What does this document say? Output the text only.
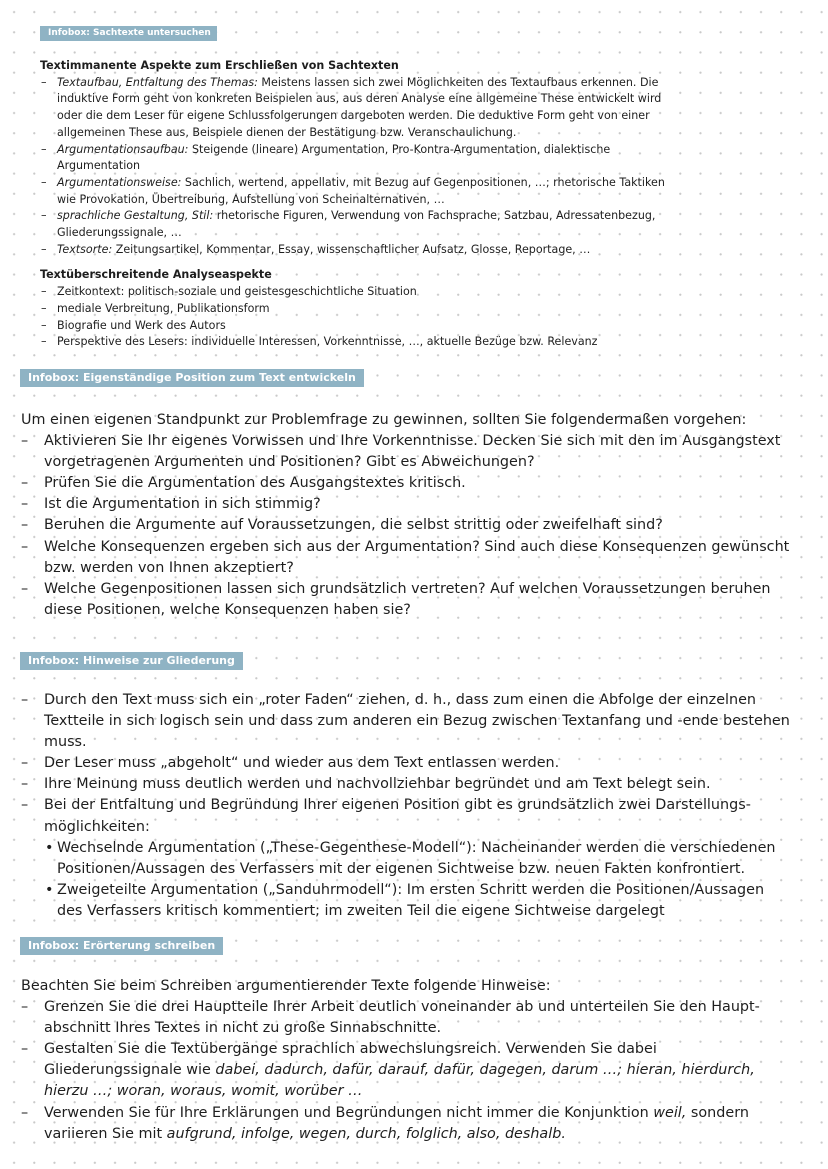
Infobox: Sachtexte untersuchen

Textimmanente Aspekte zum Erschließen von Sachtexten

– Textaufbau, Entfaltung des Themas: Meistens lassen sich zwei Möglichkeiten des Textaufbaus erkennen. Die induktive Form geht von konkreten Beispielen aus, aus deren Analyse eine allgemeine These entwickelt wird oder die dem Leser für eigene Schlussfolgerungen dargeboten werden. Die deduktive Form geht von einer allgemeinen These aus, Beispiele dienen der Bestätigung bzw. Veranschaulichung.
– Argumentationsaufbau: Steigende (lineare) Argumentation, Pro-Kontra-Argumentation, dialektische Argumentation
– Argumentationsweise: Sachlich, wertend, appellativ, mit Bezug auf Gegenpositionen, …; rhetorische Taktiken wie Provokation, Übertreibung, Aufstellung von Scheinalternativen, …
– sprachliche Gestaltung, Stil: rhetorische Figuren, Verwendung von Fachsprache, Satzbau, Adressatenbezug, Gliederungssignale, …
– Textsorte: Zeitungsartikel, Kommentar, Essay, wissenschaftlicher Aufsatz, Glosse, Reportage, …

Textüberschreitende Analyseaspekte

– Zeitkontext: politisch-soziale und geistesgeschichtliche Situation
– mediale Verbreitung, Publikationsform
– Biografie und Werk des Autors
– Perspektive des Lesers: individuelle Interessen, Vorkenntnisse, …, aktuelle Bezüge bzw. Relevanz
Infobox: Eigenständige Position zum Text entwickeln

Um einen eigenen Standpunkt zur Problemfrage zu gewinnen, sollten Sie folgendermaßen vorgehen:

– Aktivieren Sie Ihr eigenes Vorwissen und Ihre Vorkenntnisse. Decken Sie sich mit den im Ausgangstext vorgetragenen Argumenten und Positionen? Gibt es Abweichungen?
– Prüfen Sie die Argumentation des Ausgangstextes kritisch.
– Ist die Argumentation in sich stimmig?
– Beruhen die Argumente auf Voraussetzungen, die selbst strittig oder zweifelhaft sind?
– Welche Konsequenzen ergeben sich aus der Argumentation? Sind auch diese Konsequenzen gewünscht bzw. werden von Ihnen akzeptiert?
– Welche Gegenpositionen lassen sich grundsätzlich vertreten? Auf welchen Voraussetzungen beruhen diese Positionen, welche Konsequenzen haben sie?
Infobox: Hinweise zur Gliederung
– Durch den Text muss sich ein „roter Faden“ ziehen, d. h., dass zum einen die Abfolge der einzelnen Textteile in sich logisch sein und dass zum anderen ein Bezug zwischen Textanfang und -ende bestehen muss.
– Der Leser muss „abgeholt“ und wieder aus dem Text entlassen werden.
– Ihre Meinung muss deutlich werden und nachvollziehbar begründet und am Text belegt sein.
– Bei der Entfaltung und Begründung Ihrer eigenen Position gibt es grundsätzlich zwei Darstellungsmöglichkeiten:
• Wechselnde Argumentation („These-Gegenthese-Modell“): Nacheinander werden die verschiedenen Positionen/Aussagen des Verfassers mit der eigenen Sichtweise bzw. neuen Fakten konfrontiert.
• Zweigeteilte Argumentation („Sanduhrmodell“): Im ersten Schritt werden die Positionen/Aussagen des Verfassers kritisch kommentiert; im zweiten Teil die eigene Sichtweise dargelegt
Infobox: Erörterung schreiben

Beachten Sie beim Schreiben argumentierender Texte folgende Hinweise:

– Grenzen Sie die drei Hauptteile Ihrer Arbeit deutlich voneinander ab und unterteilen Sie den Hauptabschnitt Ihres Textes in nicht zu große Sinnabschnitte.
– Gestalten Sie die Textübergänge sprachlich abwechslungsreich. Verwenden Sie dabei Gliederungssignale wie dabei, dadurch, dafür, darauf, dafür, dagegen, darum …; hieran, hierdurch, hierzu …; woran, woraus, womit, worüber …
– Verwenden Sie für Ihre Erklärungen und Begründungen nicht immer die Konjunktion weil, sondern variieren Sie mit aufgrund, infolge, wegen, durch, folglich, also, deshalb.
